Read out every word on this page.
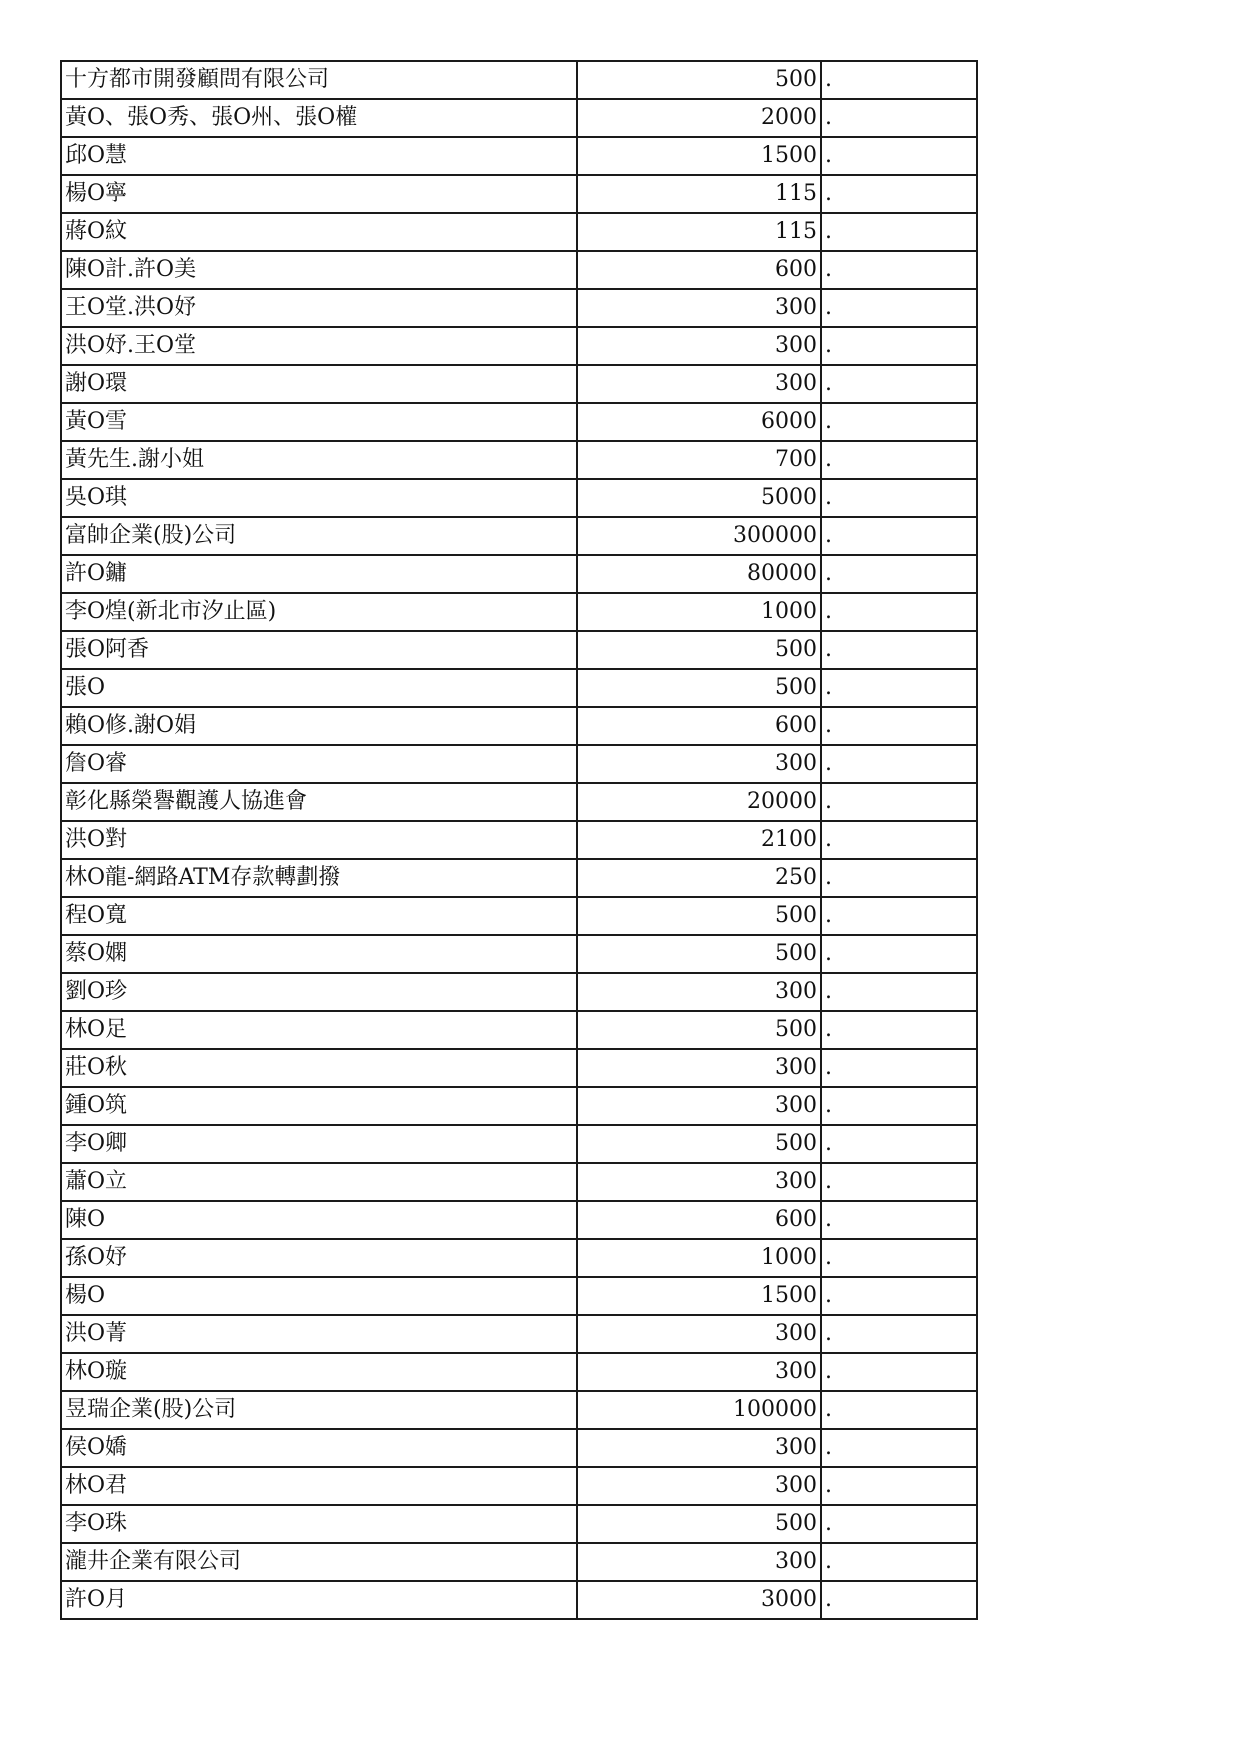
十方都市開發顧問有限公司	500	.
黃O、張O秀、張O州、張O權	2000	.
邱O慧	1500	.
楊O寧	115	.
蔣O紋	115	.
陳O計.許O美	600	.
王O堂.洪O妤	300	.
洪O妤.王O堂	300	.
謝O環	300	.
黃O雪	6000	.
黃先生.謝小姐	700	.
吳O琪	5000	.
富帥企業(股)公司	300000	.
許O鏞	80000	.
李O煌(新北市汐止區)	1000	.
張O阿香	500	.
張O	500	.
賴O修.謝O娟	600	.
詹O睿	300	.
彰化縣榮譽觀護人協進會	20000	.
洪O對	2100	.
林O龍-網路ATM存款轉劃撥	250	.
程O寬	500	.
蔡O嫻	500	.
劉O珍	300	.
林O足	500	.
莊O秋	300	.
鍾O筑	300	.
李O卿	500	.
蕭O立	300	.
陳O	600	.
孫O妤	1000	.
楊O	1500	.
洪O菁	300	.
林O璇	300	.
昱瑞企業(股)公司	100000	.
侯O嬌	300	.
林O君	300	.
李O珠	500	.
瀧井企業有限公司	300	.
許O月	3000	.
